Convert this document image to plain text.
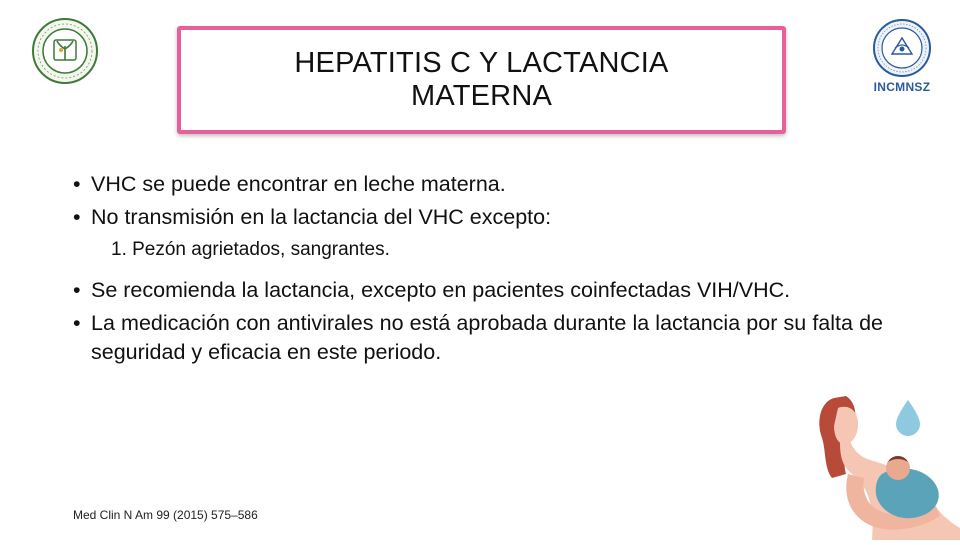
HEPATITIS C Y LACTANCIA
MATERNA	INCMNSZ
• VHC se puede encontrar en leche materna.
• No transmisión en la lactancia del VHC excepto:
1. Pezón agrietados, sangrantes.
• Se recomienda la lactancia, excepto en pacientes coinfectadas VIH/VHC.
• La medicación con antivirales no está aprobada durante la lactancia por su falta de seguridad y eficacia en este periodo.
Med Clin N Am 99 (2015) 575–586
